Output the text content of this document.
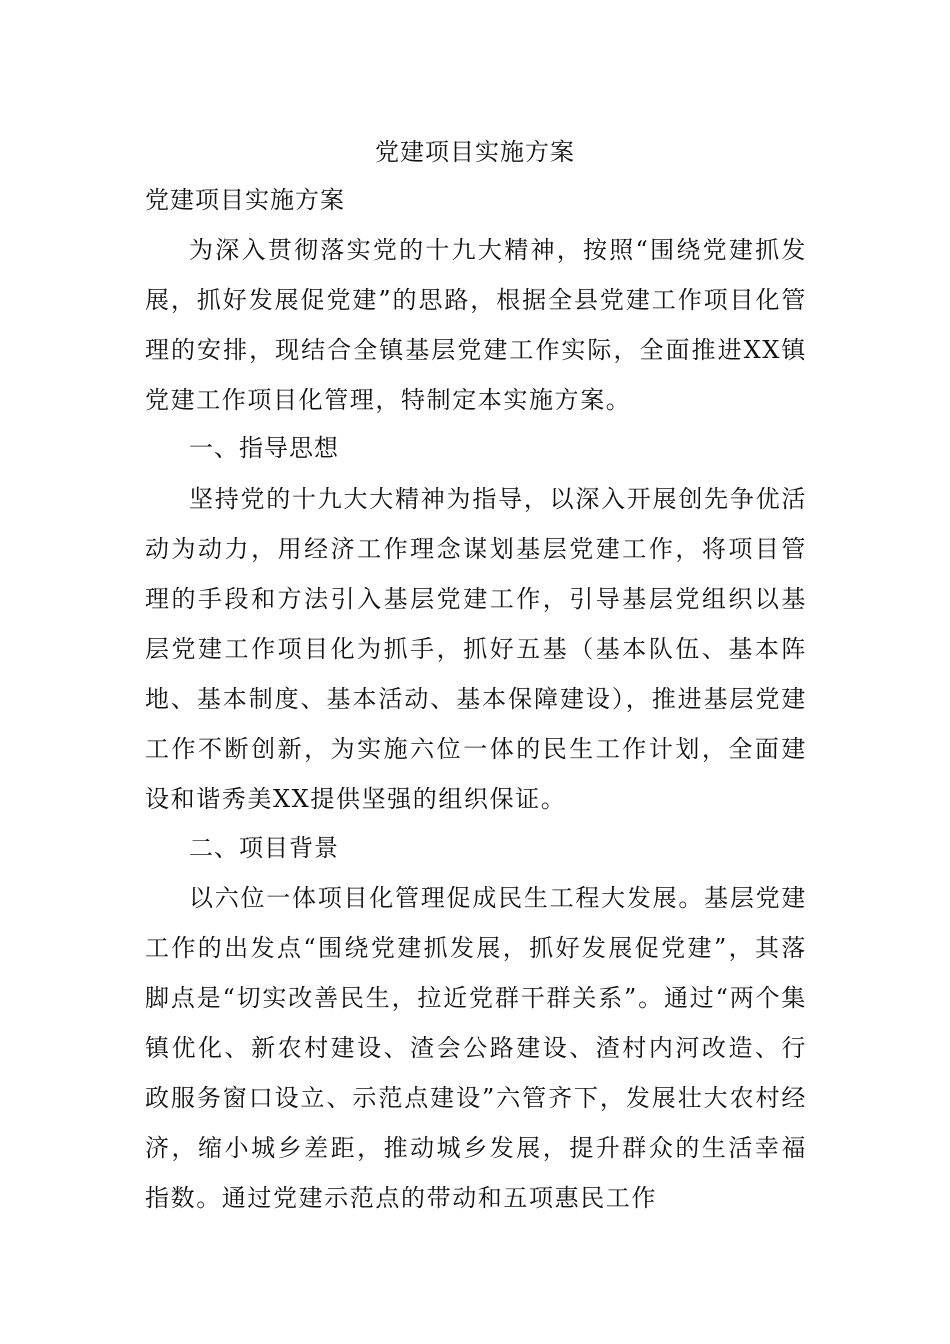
党建项目实施方案
党建项目实施方案

为深入贯彻落实党的十九大精神，按照“围绕党建抓发展，抓好发展促党建”的思路，根据全县党建工作项目化管理的安排，现结合全镇基层党建工作实际，全面推进XX镇党建工作项目化管理，特制定本实施方案。

一、指导思想

坚持党的十九大大精神为指导，以深入开展创先争优活动为动力，用经济工作理念谋划基层党建工作，将项目管理的手段和方法引入基层党建工作，引导基层党组织以基层党建工作项目化为抓手，抓好五基（基本队伍、基本阵地、基本制度、基本活动、基本保障建设），推进基层党建工作不断创新，为实施六位一体的民生工作计划，全面建设和谐秀美XX提供坚强的组织保证。

二、项目背景

以六位一体项目化管理促成民生工程大发展。基层党建工作的出发点“围绕党建抓发展，抓好发展促党建”，其落脚点是“切实改善民生，拉近党群干群关系”。通过“两个集镇优化、新农村建设、渣会公路建设、渣村内河改造、行政服务窗口设立、示范点建设”六管齐下，发展壮大农村经济，缩小城乡差距，推动城乡发展，提升群众的生活幸福指数。通过党建示范点的带动和五项惠民工作
